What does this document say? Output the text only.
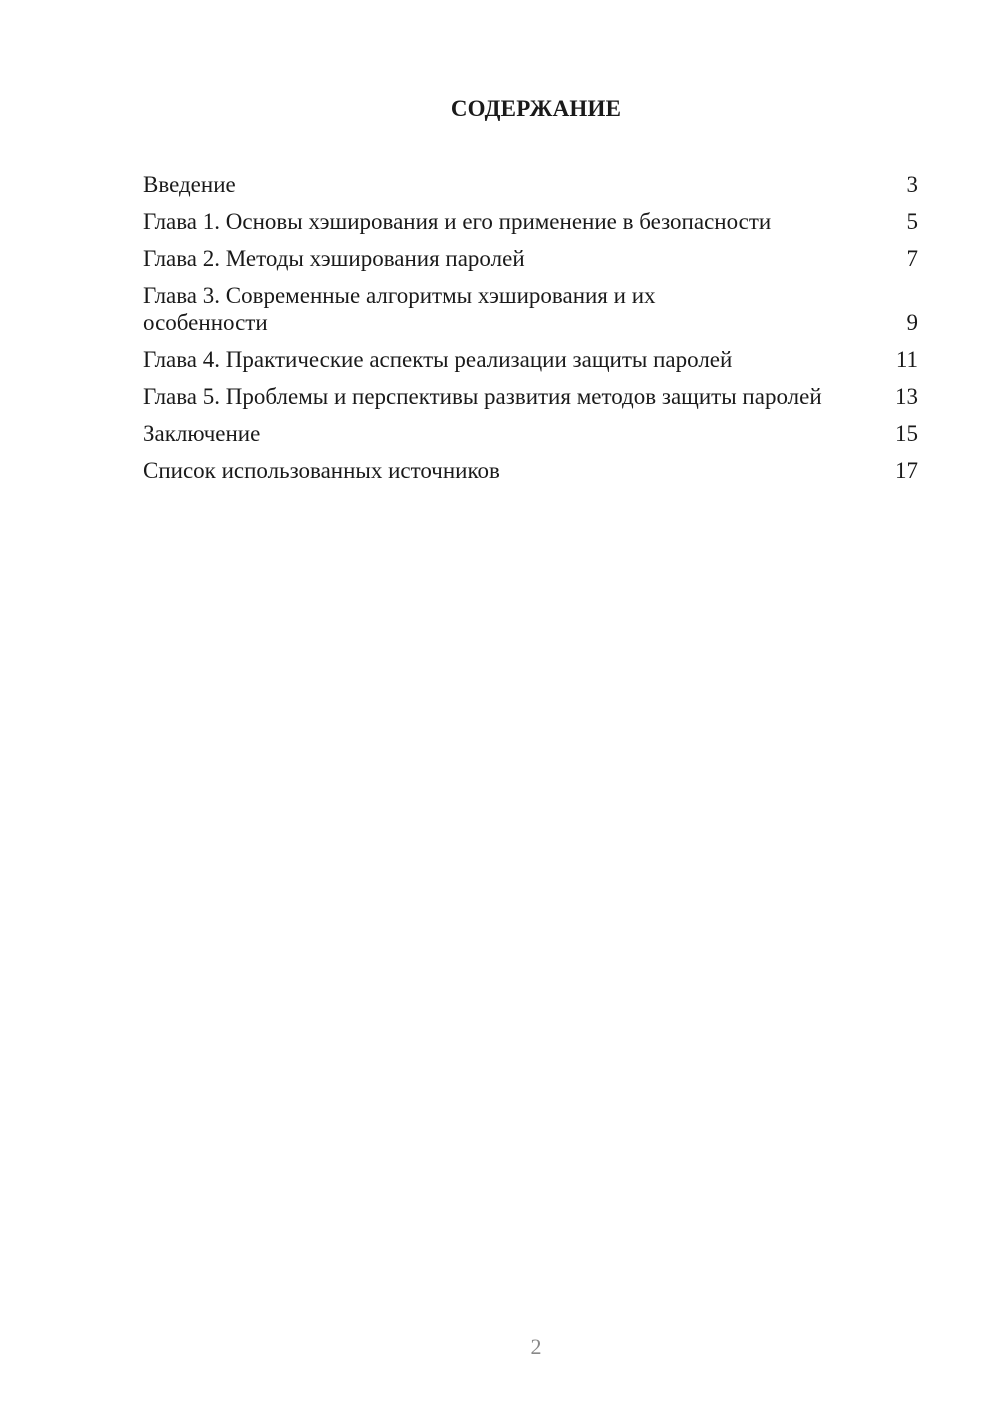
СОДЕРЖАНИЕ
Введение	3
Глава 1. Основы хэширования и его применение в безопасности	5
Глава 2. Методы хэширования паролей	7
Глава 3. Современные алгоритмы хэширования и их особенности	9
Глава 4. Практические аспекты реализации защиты паролей	11
Глава 5. Проблемы и перспективы развития методов защиты паролей	13
Заключение	15
Список использованных источников	17
2
